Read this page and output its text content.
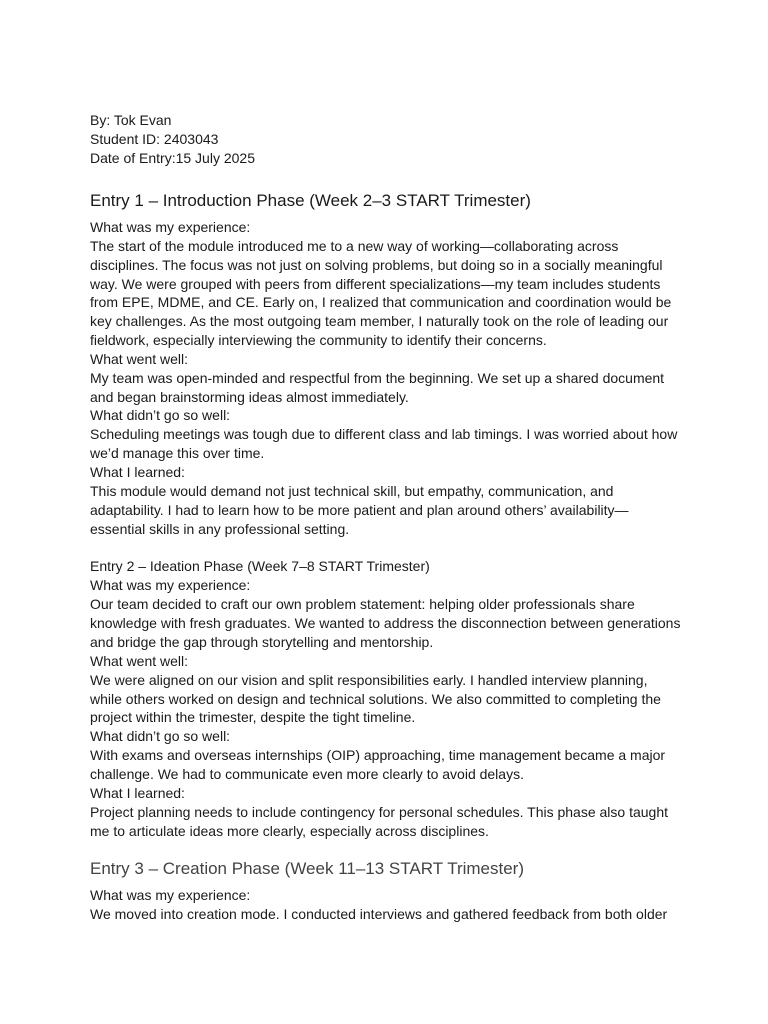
By: Tok Evan

Student ID: 2403043

Date of Entry:15 July 2025

Entry 1 – Introduction Phase (Week 2–3 START Trimester)

What was my experience:

The start of the module introduced me to a new way of working—collaborating across disciplines. The focus was not just on solving problems, but doing so in a socially meaningful way. We were grouped with peers from different specializations—my team includes students from EPE, MDME, and CE. Early on, I realized that communication and coordination would be key challenges. As the most outgoing team member, I naturally took on the role of leading our fieldwork, especially interviewing the community to identify their concerns.

What went well:

My team was open-minded and respectful from the beginning. We set up a shared document and began brainstorming ideas almost immediately.

What didn’t go so well:

Scheduling meetings was tough due to different class and lab timings. I was worried about how we’d manage this over time.

What I learned:

This module would demand not just technical skill, but empathy, communication, and adaptability. I had to learn how to be more patient and plan around others’ availability—essential skills in any professional setting.

Entry 2 – Ideation Phase (Week 7–8 START Trimester)

What was my experience:

Our team decided to craft our own problem statement: helping older professionals share knowledge with fresh graduates. We wanted to address the disconnection between generations and bridge the gap through storytelling and mentorship.

What went well:

We were aligned on our vision and split responsibilities early. I handled interview planning, while others worked on design and technical solutions. We also committed to completing the project within the trimester, despite the tight timeline.

What didn’t go so well:

With exams and overseas internships (OIP) approaching, time management became a major challenge. We had to communicate even more clearly to avoid delays.

What I learned:

Project planning needs to include contingency for personal schedules. This phase also taught me to articulate ideas more clearly, especially across disciplines.

Entry 3 – Creation Phase (Week 11–13 START Trimester)

What was my experience:

We moved into creation mode. I conducted interviews and gathered feedback from both older
